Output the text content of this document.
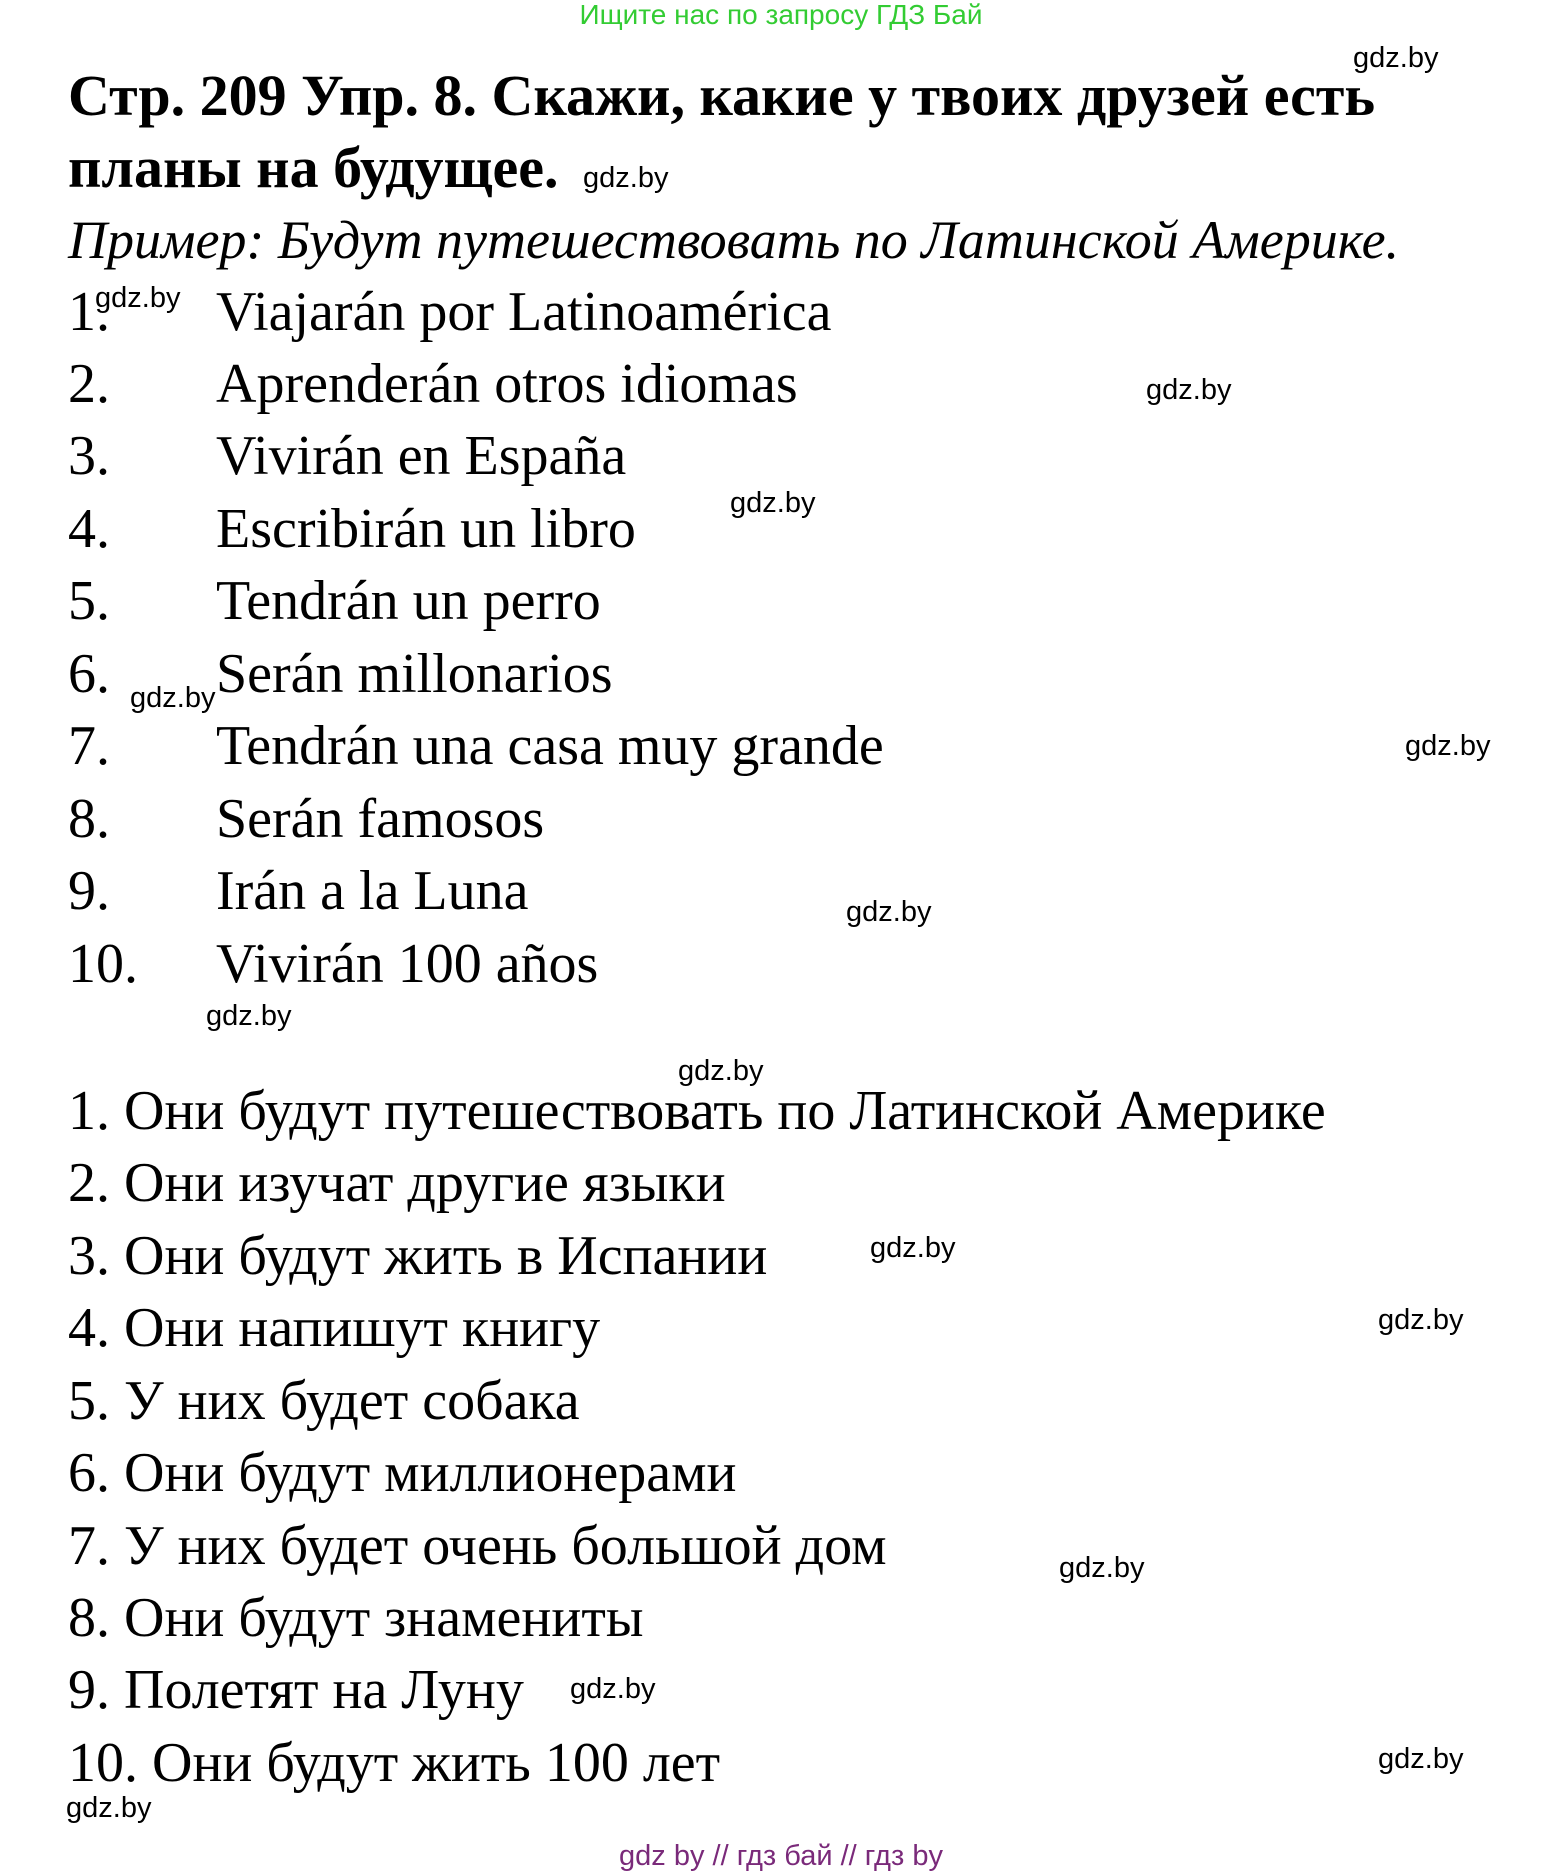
Ищите нас по запросу ГДЗ Бай
Стр. 209 Упр. 8. Скажи, какие у твоих друзей есть
планы на будущее.
Пример: Будут путешествовать по Латинской Америке.
1. Viajarán por Latinoamérica
2. Aprenderán otros idiomas
3. Vivirán en España
4. Escribirán un libro
5. Tendrán un perro
6. Serán millonarios
7. Tendrán una casa muy grande
8. Serán famosos
9. Irán a la Luna
10. Vivirán 100 años
1. Они будут путешествовать по Латинской Америке
2. Они изучат другие языки
3. Они будут жить в Испании
4. Они напишут книгу
5. У них будет собака
6. Они будут миллионерами
7. У них будет очень большой дом
8. Они будут знамениты
9. Полетят на Луну
10. Они будут жить 100 лет
gdz.by
gdz.by
gdz.by
gdz.by
gdz.by
gdz.by
gdz.by
gdz.by
gdz.by
gdz.by
gdz.by
gdz.by
gdz.by
gdz.by
gdz.by
gdz.by
gdz by // гдз бай // гдз by
